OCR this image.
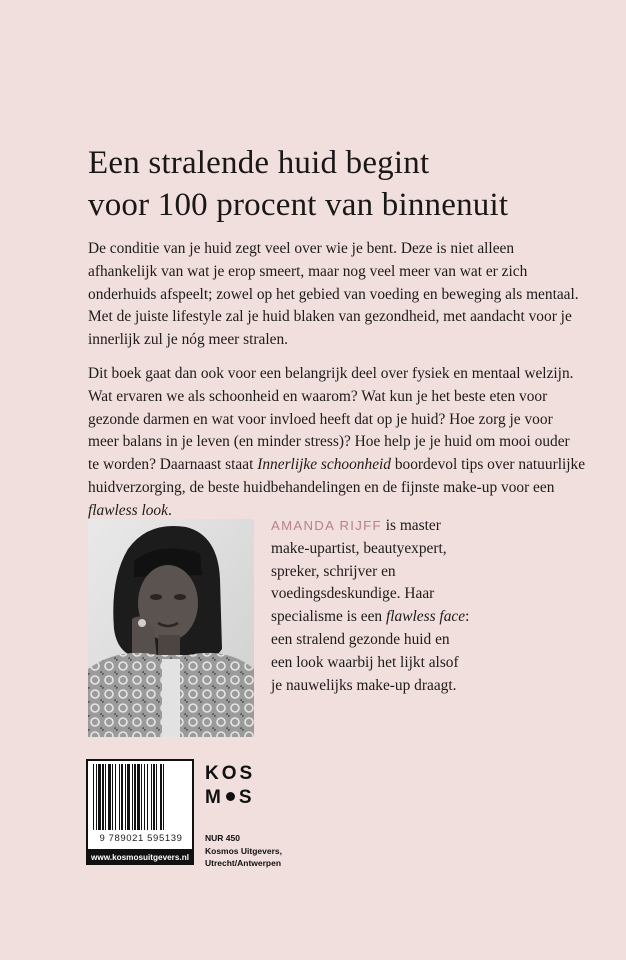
Een stralende huid begint
voor 100 procent van binnenuit

De conditie van je huid zegt veel over wie je bent. Deze is niet alleen
afhankelijk van wat je erop smeert, maar nog veel meer van wat er zich
onderhuids afspeelt; zowel op het gebied van voeding en beweging als mentaal.
Met de juiste lifestyle zal je huid blaken van gezondheid, met aandacht voor je
innerlijk zul je nóg meer stralen.

Dit boek gaat dan ook voor een belangrijk deel over fysiek en mentaal welzijn.
Wat ervaren we als schoonheid en waarom? Wat kun je het beste eten voor
gezonde darmen en wat voor invloed heeft dat op je huid? Hoe zorg je voor
meer balans in je leven (en minder stress)? Hoe help je je huid om mooi ouder
te worden? Daarnaast staat Innerlijke schoonheid boordevol tips over natuurlijke
huidverzorging, de beste huidbehandelingen en de fijnste make-up voor een
flawless look.

AMANDA RIJFF is master
make-upartist, beautyexpert,
spreker, schrijver en
voedingsdeskundige. Haar
specialisme is een flawless face:
een stralend gezonde huid en
een look waarbij het lijkt alsof
je nauwelijks make-up draagt.

9 789021 595139
www.kosmosuitgevers.nl
KOS
M S
NUR 450
Kosmos Uitgevers,
Utrecht/Antwerpen
